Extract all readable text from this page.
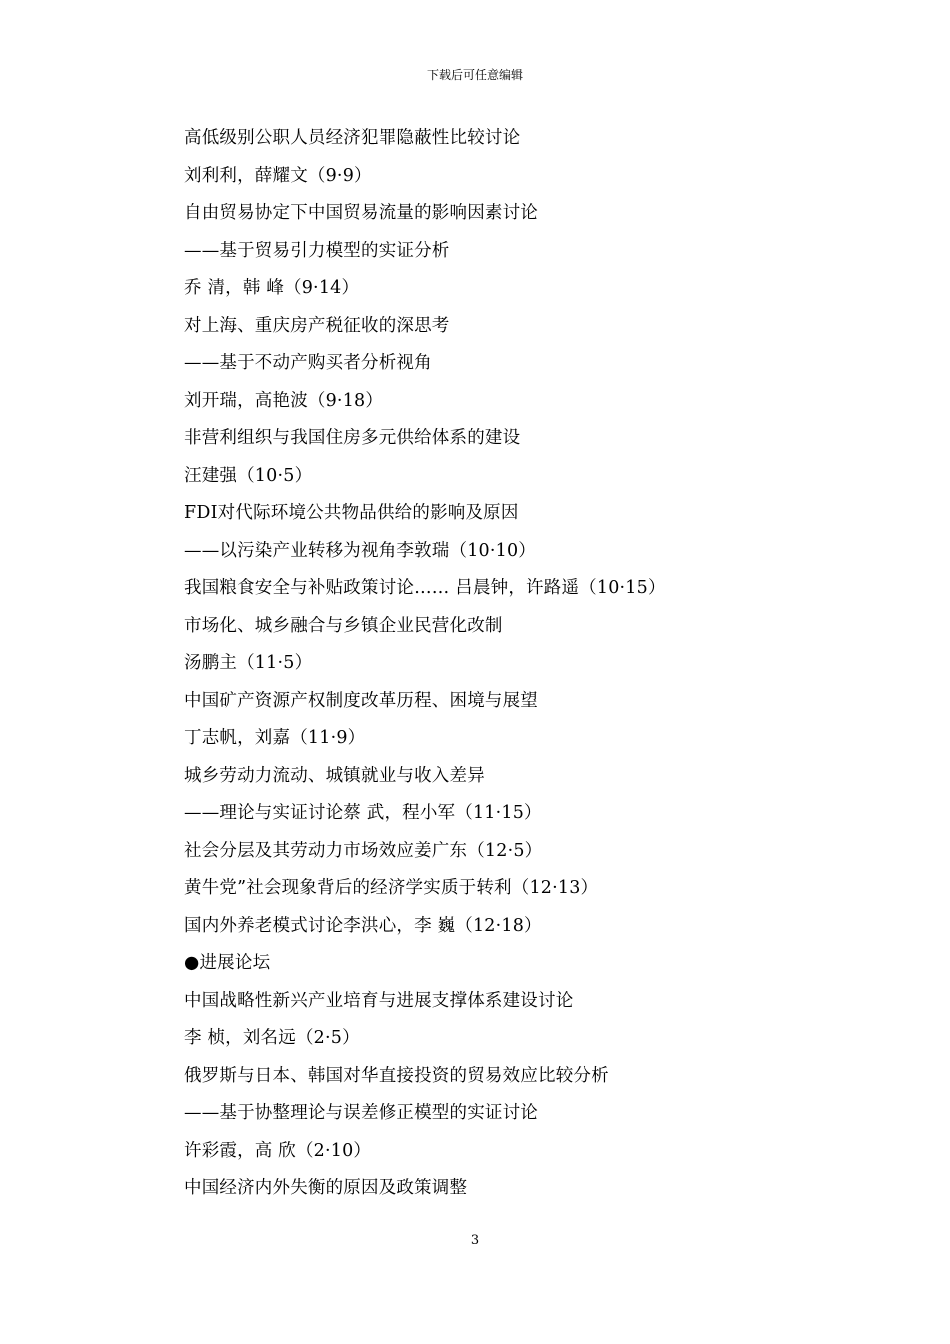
下载后可任意编辑
高低级别公职人员经济犯罪隐蔽性比较讨论
刘利利，薛耀文（9·9）
自由贸易协定下中国贸易流量的影响因素讨论
——基于贸易引力模型的实证分析
乔 清，韩 峰（9·14）
对上海、重庆房产税征收的深思考
——基于不动产购买者分析视角
刘开瑞，高艳波（9·18）
非营利组织与我国住房多元供给体系的建设
汪建强（10·5）
FDI对代际环境公共物品供给的影响及原因
——以污染产业转移为视角李敦瑞（10·10）
我国粮食安全与补贴政策讨论…… 吕晨钟，许路遥（10·15）
市场化、城乡融合与乡镇企业民营化改制
汤鹏主（11·5）
中国矿产资源产权制度改革历程、困境与展望
丁志帆，刘嘉（11·9）
城乡劳动力流动、城镇就业与收入差异
——理论与实证讨论蔡 武，程小军（11·15）
社会分层及其劳动力市场效应姜广东（12·5）
黄牛党”社会现象背后的经济学实质于转利（12·13）
国内外养老模式讨论李洪心，李 巍（12·18）
●进展论坛
中国战略性新兴产业培育与进展支撑体系建设讨论
李 桢，刘名远（2·5）
俄罗斯与日本、韩国对华直接投资的贸易效应比较分析
——基于协整理论与误差修正模型的实证讨论
许彩霞，高 欣（2·10）
中国经济内外失衡的原因及政策调整
3
